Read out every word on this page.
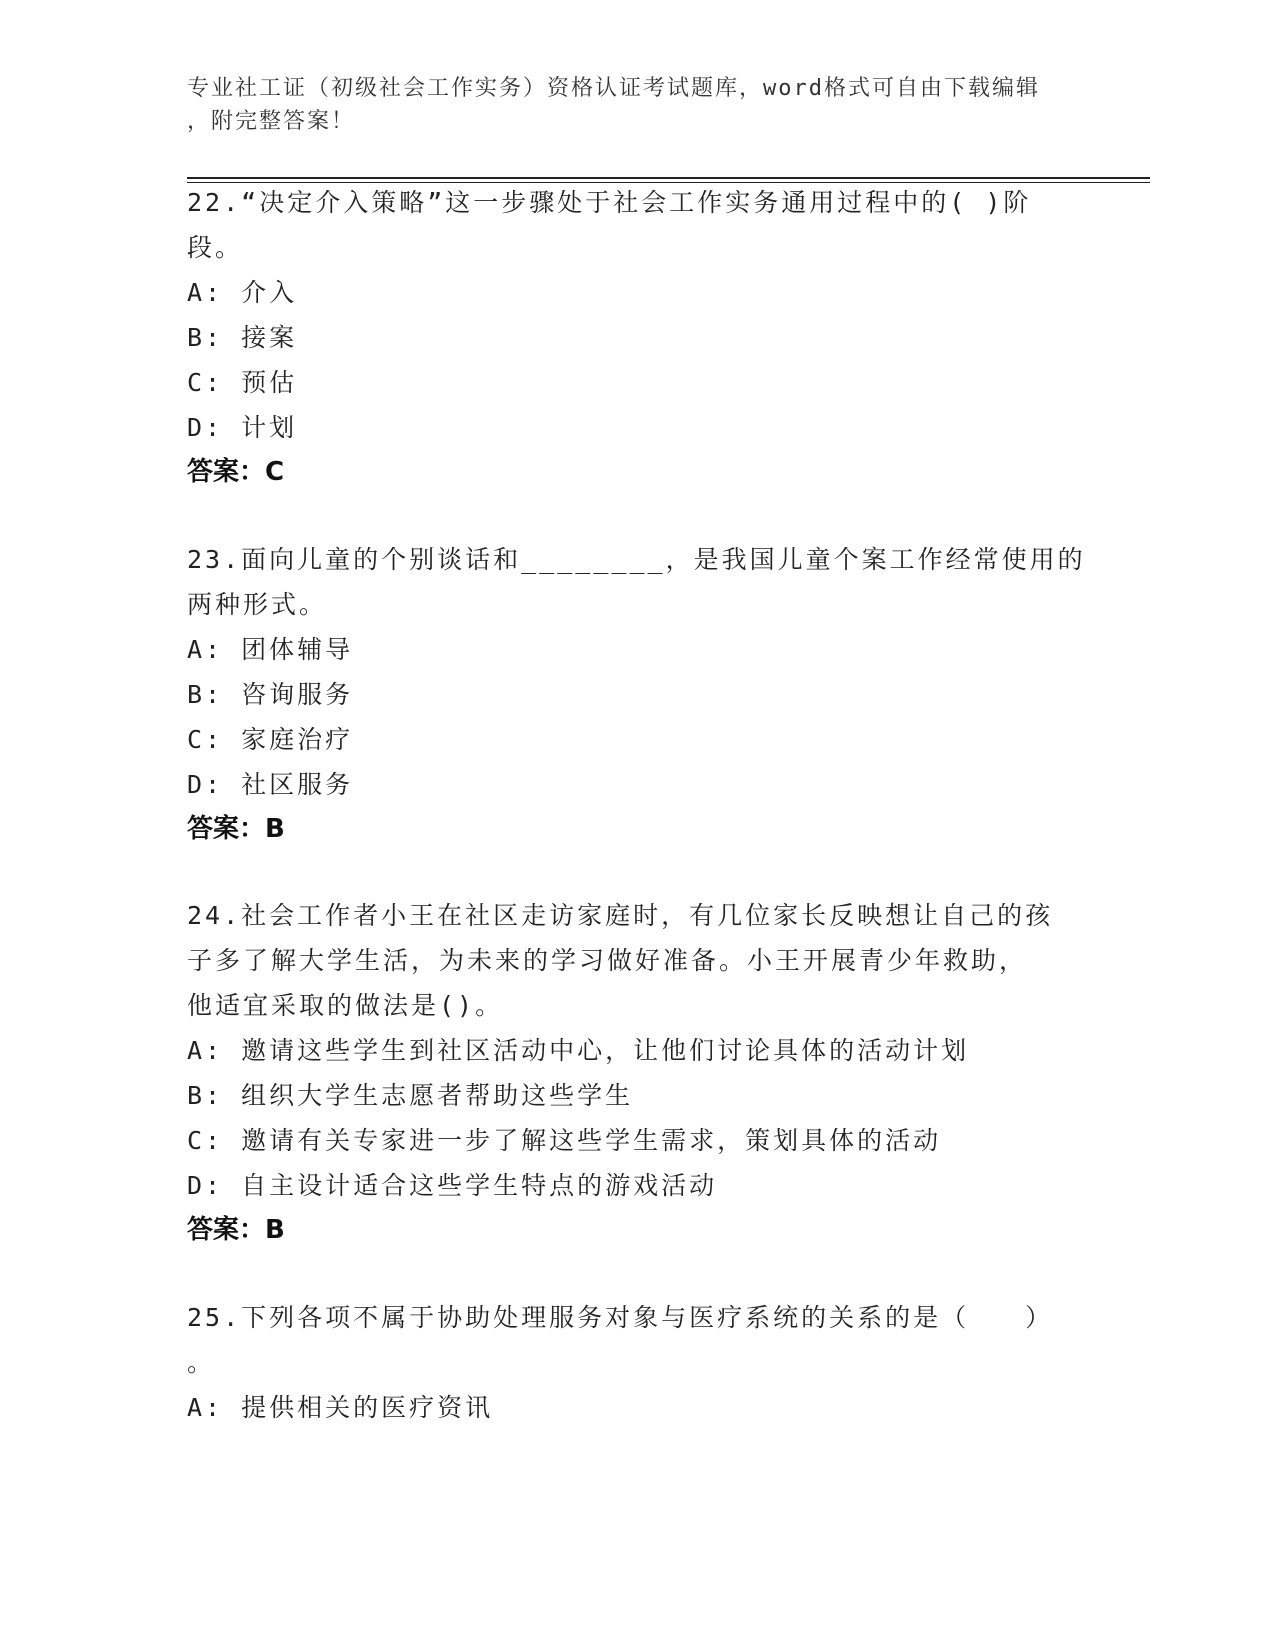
专业社工证（初级社会工作实务）资格认证考试题库，word格式可自由下载编辑
，附完整答案！
22.“决定介入策略”这一步骤处于社会工作实务通用过程中的( )阶
段。
A: 介入
B: 接案
C: 预估
D: 计划
答案：C
23.面向儿童的个别谈话和________，是我国儿童个案工作经常使用的
两种形式。
A: 团体辅导
B: 咨询服务
C: 家庭治疗
D: 社区服务
答案：B
24.社会工作者小王在社区走访家庭时，有几位家长反映想让自己的孩
子多了解大学生活，为未来的学习做好准备。小王开展青少年救助，
他适宜采取的做法是()。
A: 邀请这些学生到社区活动中心，让他们讨论具体的活动计划
B: 组织大学生志愿者帮助这些学生
C: 邀请有关专家进一步了解这些学生需求，策划具体的活动
D: 自主设计适合这些学生特点的游戏活动
答案：B
25.下列各项不属于协助处理服务对象与医疗系统的关系的是（　　）
。
A: 提供相关的医疗资讯
